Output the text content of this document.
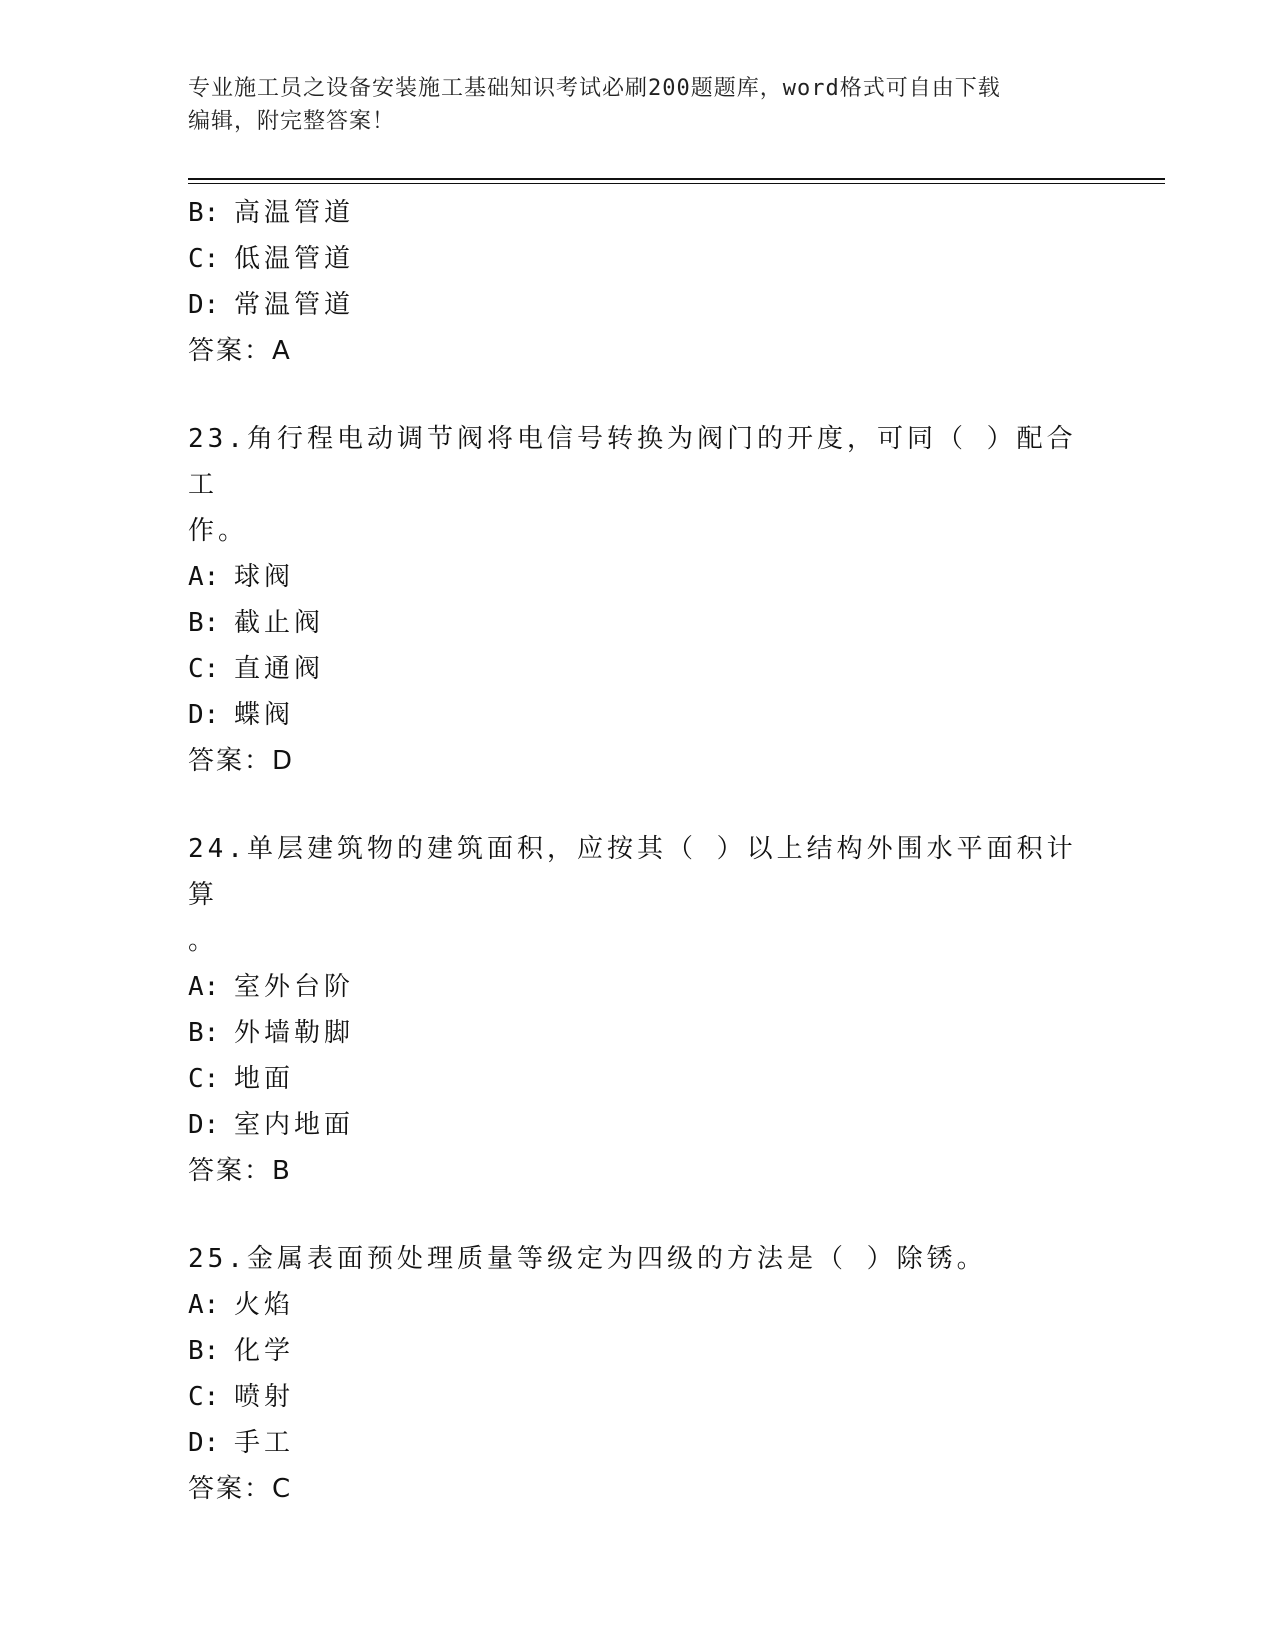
专业施工员之设备安装施工基础知识考试必刷200题题库，word格式可自由下载
编辑，附完整答案！
B: 高温管道
C: 低温管道
D: 常温管道
答案：A
23.角行程电动调节阀将电信号转换为阀门的开度，可同（ ）配合工
作。
A: 球阀
B: 截止阀
C: 直通阀
D: 蝶阀
答案：D
24.单层建筑物的建筑面积，应按其（ ）以上结构外围水平面积计算
。
A: 室外台阶
B: 外墙勒脚
C: 地面
D: 室内地面
答案：B
25.金属表面预处理质量等级定为四级的方法是（ ）除锈。
A: 火焰
B: 化学
C: 喷射
D: 手工
答案：C
